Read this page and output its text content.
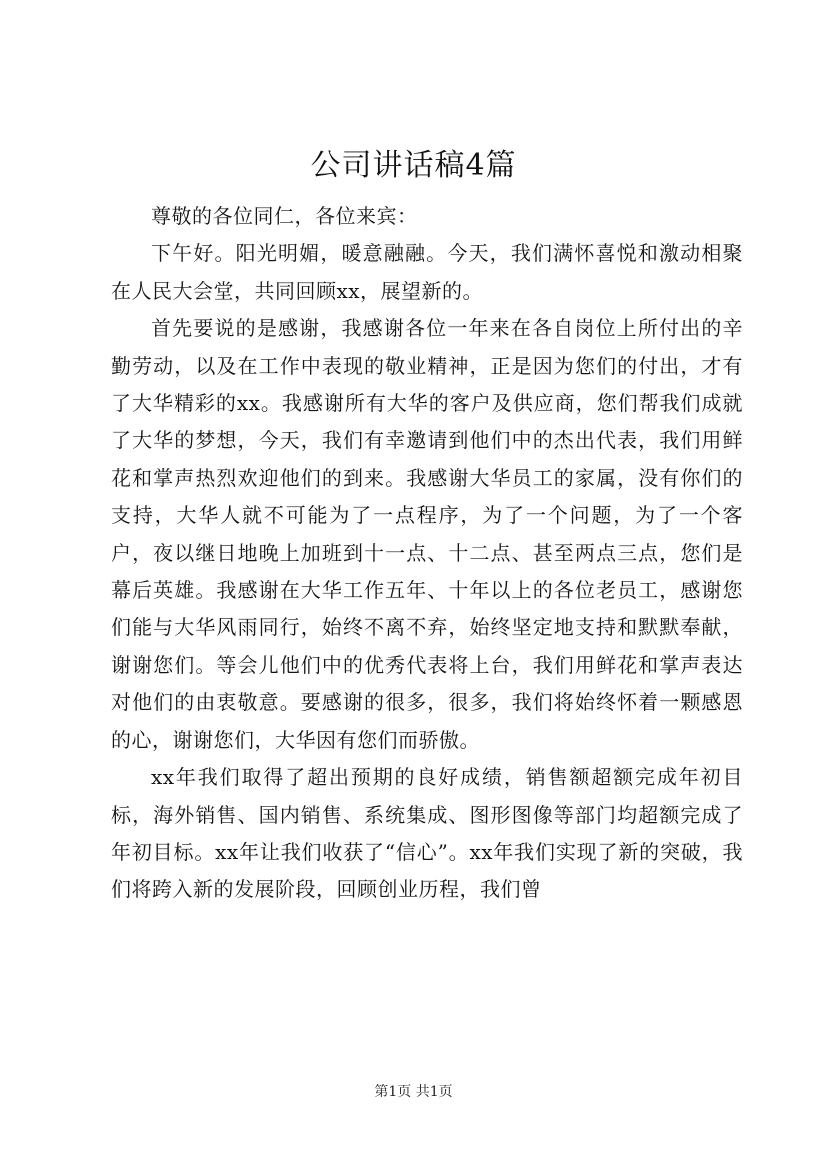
公司讲话稿4篇

尊敬的各位同仁，各位来宾：

下午好。阳光明媚，暖意融融。今天，我们满怀喜悦和激动相聚在人民大会堂，共同回顾xx，展望新的。

首先要说的是感谢，我感谢各位一年来在各自岗位上所付出的辛勤劳动，以及在工作中表现的敬业精神，正是因为您们的付出，才有了大华精彩的xx。我感谢所有大华的客户及供应商，您们帮我们成就了大华的梦想，今天，我们有幸邀请到他们中的杰出代表，我们用鲜花和掌声热烈欢迎他们的到来。我感谢大华员工的家属，没有你们的支持，大华人就不可能为了一点程序，为了一个问题，为了一个客户，夜以继日地晚上加班到十一点、十二点、甚至两点三点，您们是幕后英雄。我感谢在大华工作五年、十年以上的各位老员工，感谢您们能与大华风雨同行，始终不离不弃，始终坚定地支持和默默奉献，谢谢您们。等会儿他们中的优秀代表将上台，我们用鲜花和掌声表达对他们的由衷敬意。要感谢的很多，很多，我们将始终怀着一颗感恩的心，谢谢您们，大华因有您们而骄傲。

xx年我们取得了超出预期的良好成绩，销售额超额完成年初目标，海外销售、国内销售、系统集成、图形图像等部门均超额完成了年初目标。xx年让我们收获了“信心”。xx年我们实现了新的突破，我们将跨入新的发展阶段，回顾创业历程，我们曾

第1页 共1页
